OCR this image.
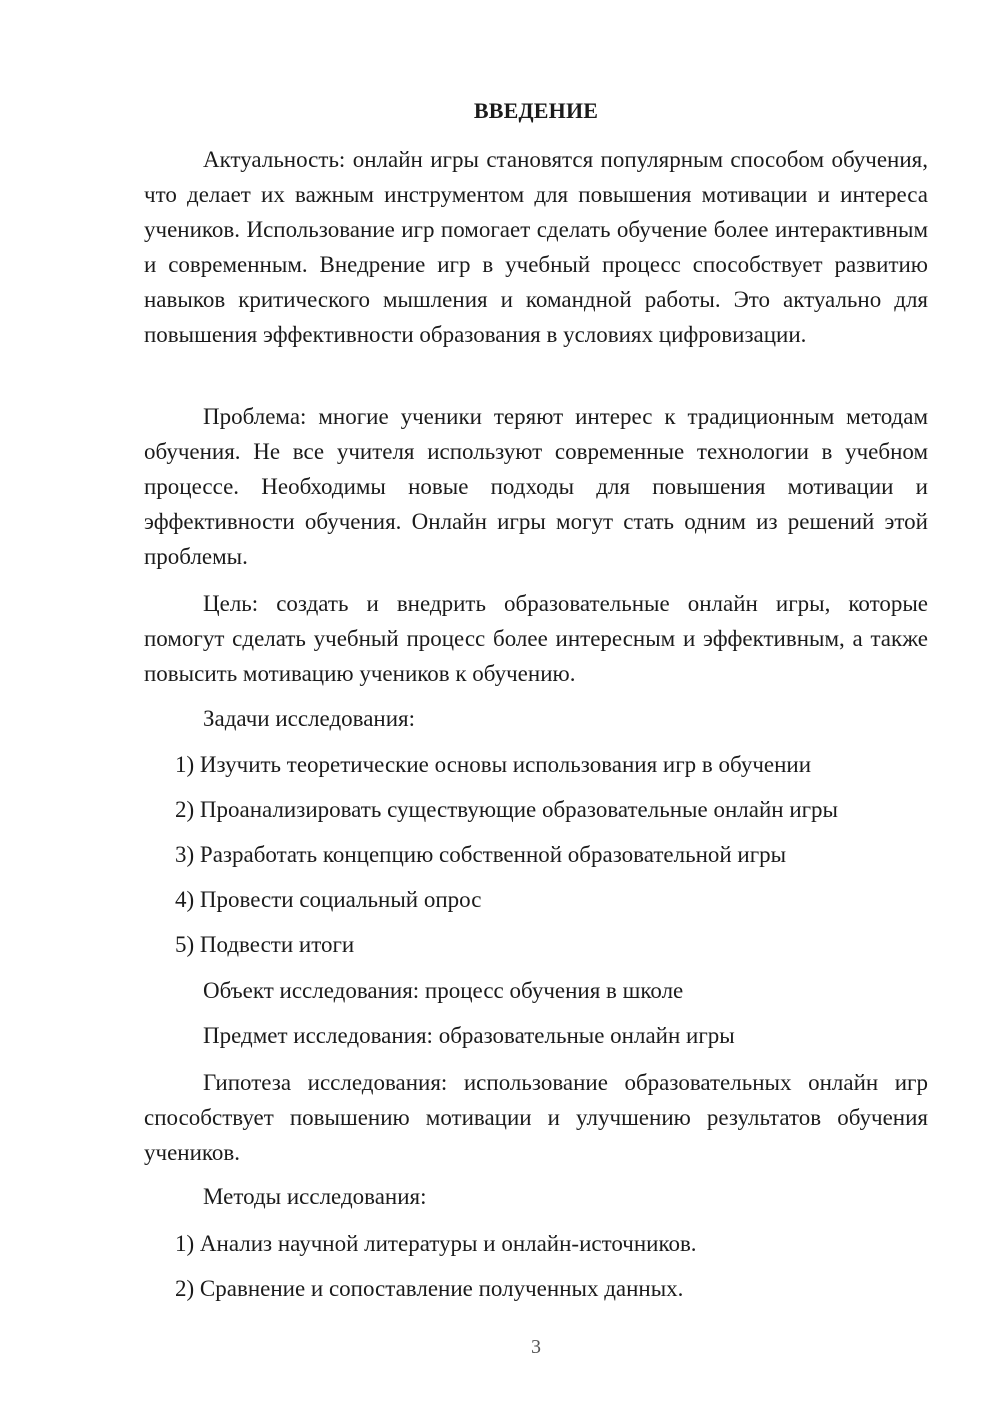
ВВЕДЕНИЕ

Актуальность: онлайн игры становятся популярным способом обучения, что делает их важным инструментом для повышения мотивации и интереса учеников. Использование игр помогает сделать обучение более интерактивным и современным. Внедрение игр в учебный процесс способствует развитию навыков критического мышления и командной работы. Это актуально для повышения эффективности образования в условиях цифровизации.

Проблема: многие ученики теряют интерес к традиционным методам обучения. Не все учителя используют современные технологии в учебном процессе. Необходимы новые подходы для повышения мотивации и эффективности обучения. Онлайн игры могут стать одним из решений этой проблемы.

Цель: создать и внедрить образовательные онлайн игры, которые помогут сделать учебный процесс более интересным и эффективным, а также повысить мотивацию учеников к обучению.

Задачи исследования:
1) Изучить теоретические основы использования игр в обучении
2) Проанализировать существующие образовательные онлайн игры
3) Разработать концепцию собственной образовательной игры
4) Провести социальный опрос
5) Подвести итоги
Объект исследования: процесс обучения в школе
Предмет исследования: образовательные онлайн игры

Гипотеза исследования: использование образовательных онлайн игр способствует повышению мотивации и улучшению результатов обучения учеников.

Методы исследования:
1) Анализ научной литературы и онлайн-источников.
2) Сравнение и сопоставление полученных данных.
3
